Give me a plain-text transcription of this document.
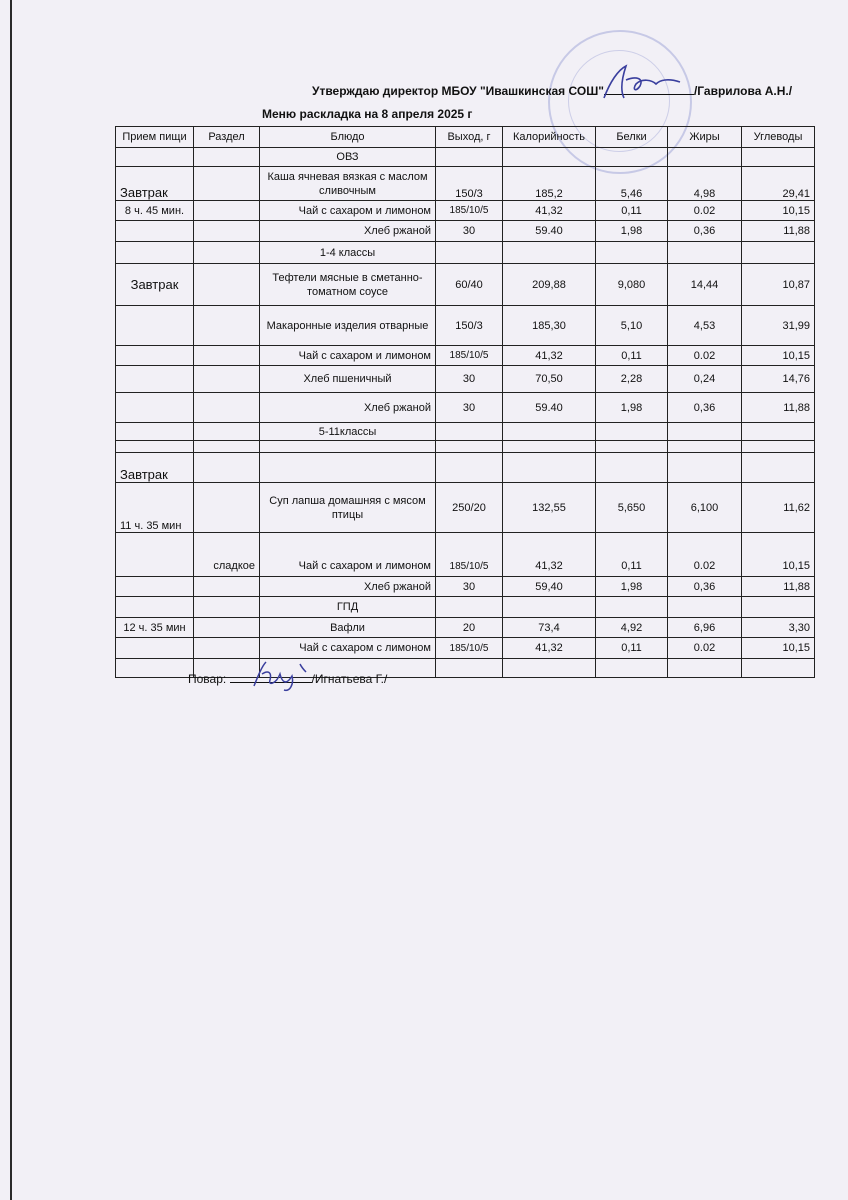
Утверждаю директор МБОУ "Ивашкинская СОШ"	/Гаврилова А.Н./
Меню раскладка на 8 апреля 2025 г
Прием пищи	Раздел	Блюдо	Выход, г	Калорийность	Белки	Жиры	Углеводы
		ОВЗ					
Завтрак		Каша ячневая вязкая с маслом сливочным	150/3	185,2	5,46	4,98	29,41
8 ч. 45 мин.		Чай с сахаром и лимоном	185/10/5	41,32	0,11	0.02	10,15
		Хлеб ржаной	30	59.40	1,98	0,36	11,88
		1-4 классы					
Завтрак		Тефтели мясные в сметанно-томатном соусе	60/40	209,88	9,080	14,44	10,87
		Макаронные изделия отварные	150/3	185,30	5,10	4,53	31,99
		Чай с сахаром и лимоном	185/10/5	41,32	0,11	0.02	10,15
		Хлеб пшеничный	30	70,50	2,28	0,24	14,76
		Хлеб ржаной	30	59.40	1,98	0,36	11,88
		5-11классы					

Завтрак							
11 ч. 35 мин		Суп лапша домашняя с мясом птицы	250/20	132,55	5,650	6,100	11,62
	сладкое	Чай с сахаром и лимоном	185/10/5	41,32	0,11	0.02	10,15
		Хлеб ржаной	30	59,40	1,98	0,36	11,88
		ГПД					
12 ч. 35 мин		Вафли	20	73,4	4,92	6,96	3,30
		Чай с сахаром с лимоном	185/10/5	41,32	0,11	0.02	10,15

Повар:	/Игнатьева Г./
